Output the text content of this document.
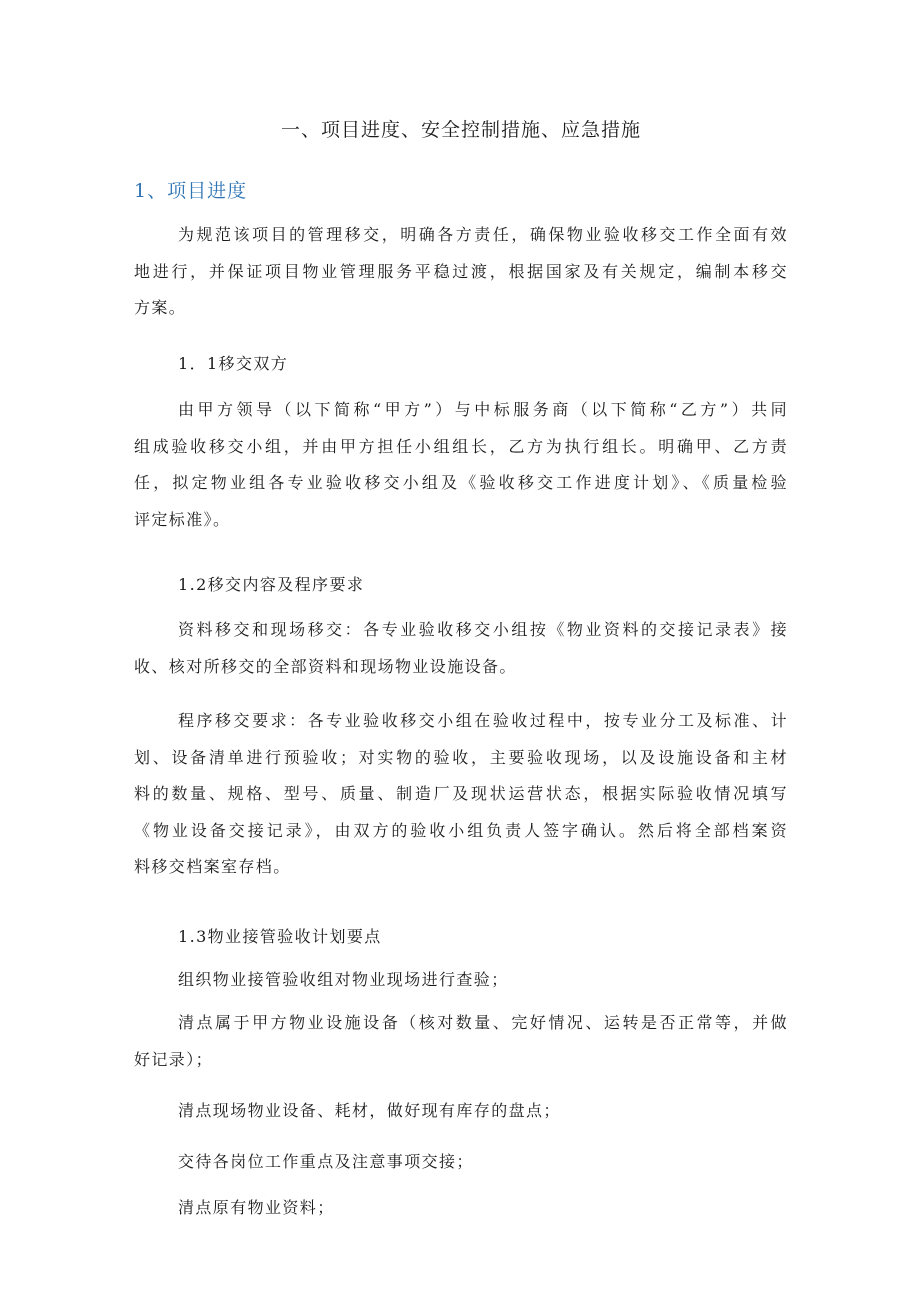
一、项目进度、安全控制措施、应急措施
1、项目进度
为规范该项目的管理移交，明确各方责任，确保物业验收移交工作全面有效
地进行，并保证项目物业管理服务平稳过渡，根据国家及有关规定，编制本移交
方案。
1．1移交双方
由甲方领导（以下简称“甲方”）与中标服务商（以下简称“乙方”）共同
组成验收移交小组，并由甲方担任小组组长，乙方为执行组长。明确甲、乙方责
任，拟定物业组各专业验收移交小组及《验收移交工作进度计划》、《质量检验
评定标准》。
1.2移交内容及程序要求
资料移交和现场移交：各专业验收移交小组按《物业资料的交接记录表》接
收、核对所移交的全部资料和现场物业设施设备。
程序移交要求：各专业验收移交小组在验收过程中，按专业分工及标准、计
划、设备清单进行预验收；对实物的验收，主要验收现场，以及设施设备和主材
料的数量、规格、型号、质量、制造厂及现状运营状态，根据实际验收情况填写
《物业设备交接记录》，由双方的验收小组负责人签字确认。然后将全部档案资
料移交档案室存档。
1.3物业接管验收计划要点
组织物业接管验收组对物业现场进行查验；
清点属于甲方物业设施设备（核对数量、完好情况、运转是否正常等，并做
好记录）；
清点现场物业设备、耗材，做好现有库存的盘点；
交待各岗位工作重点及注意事项交接；
清点原有物业资料；
